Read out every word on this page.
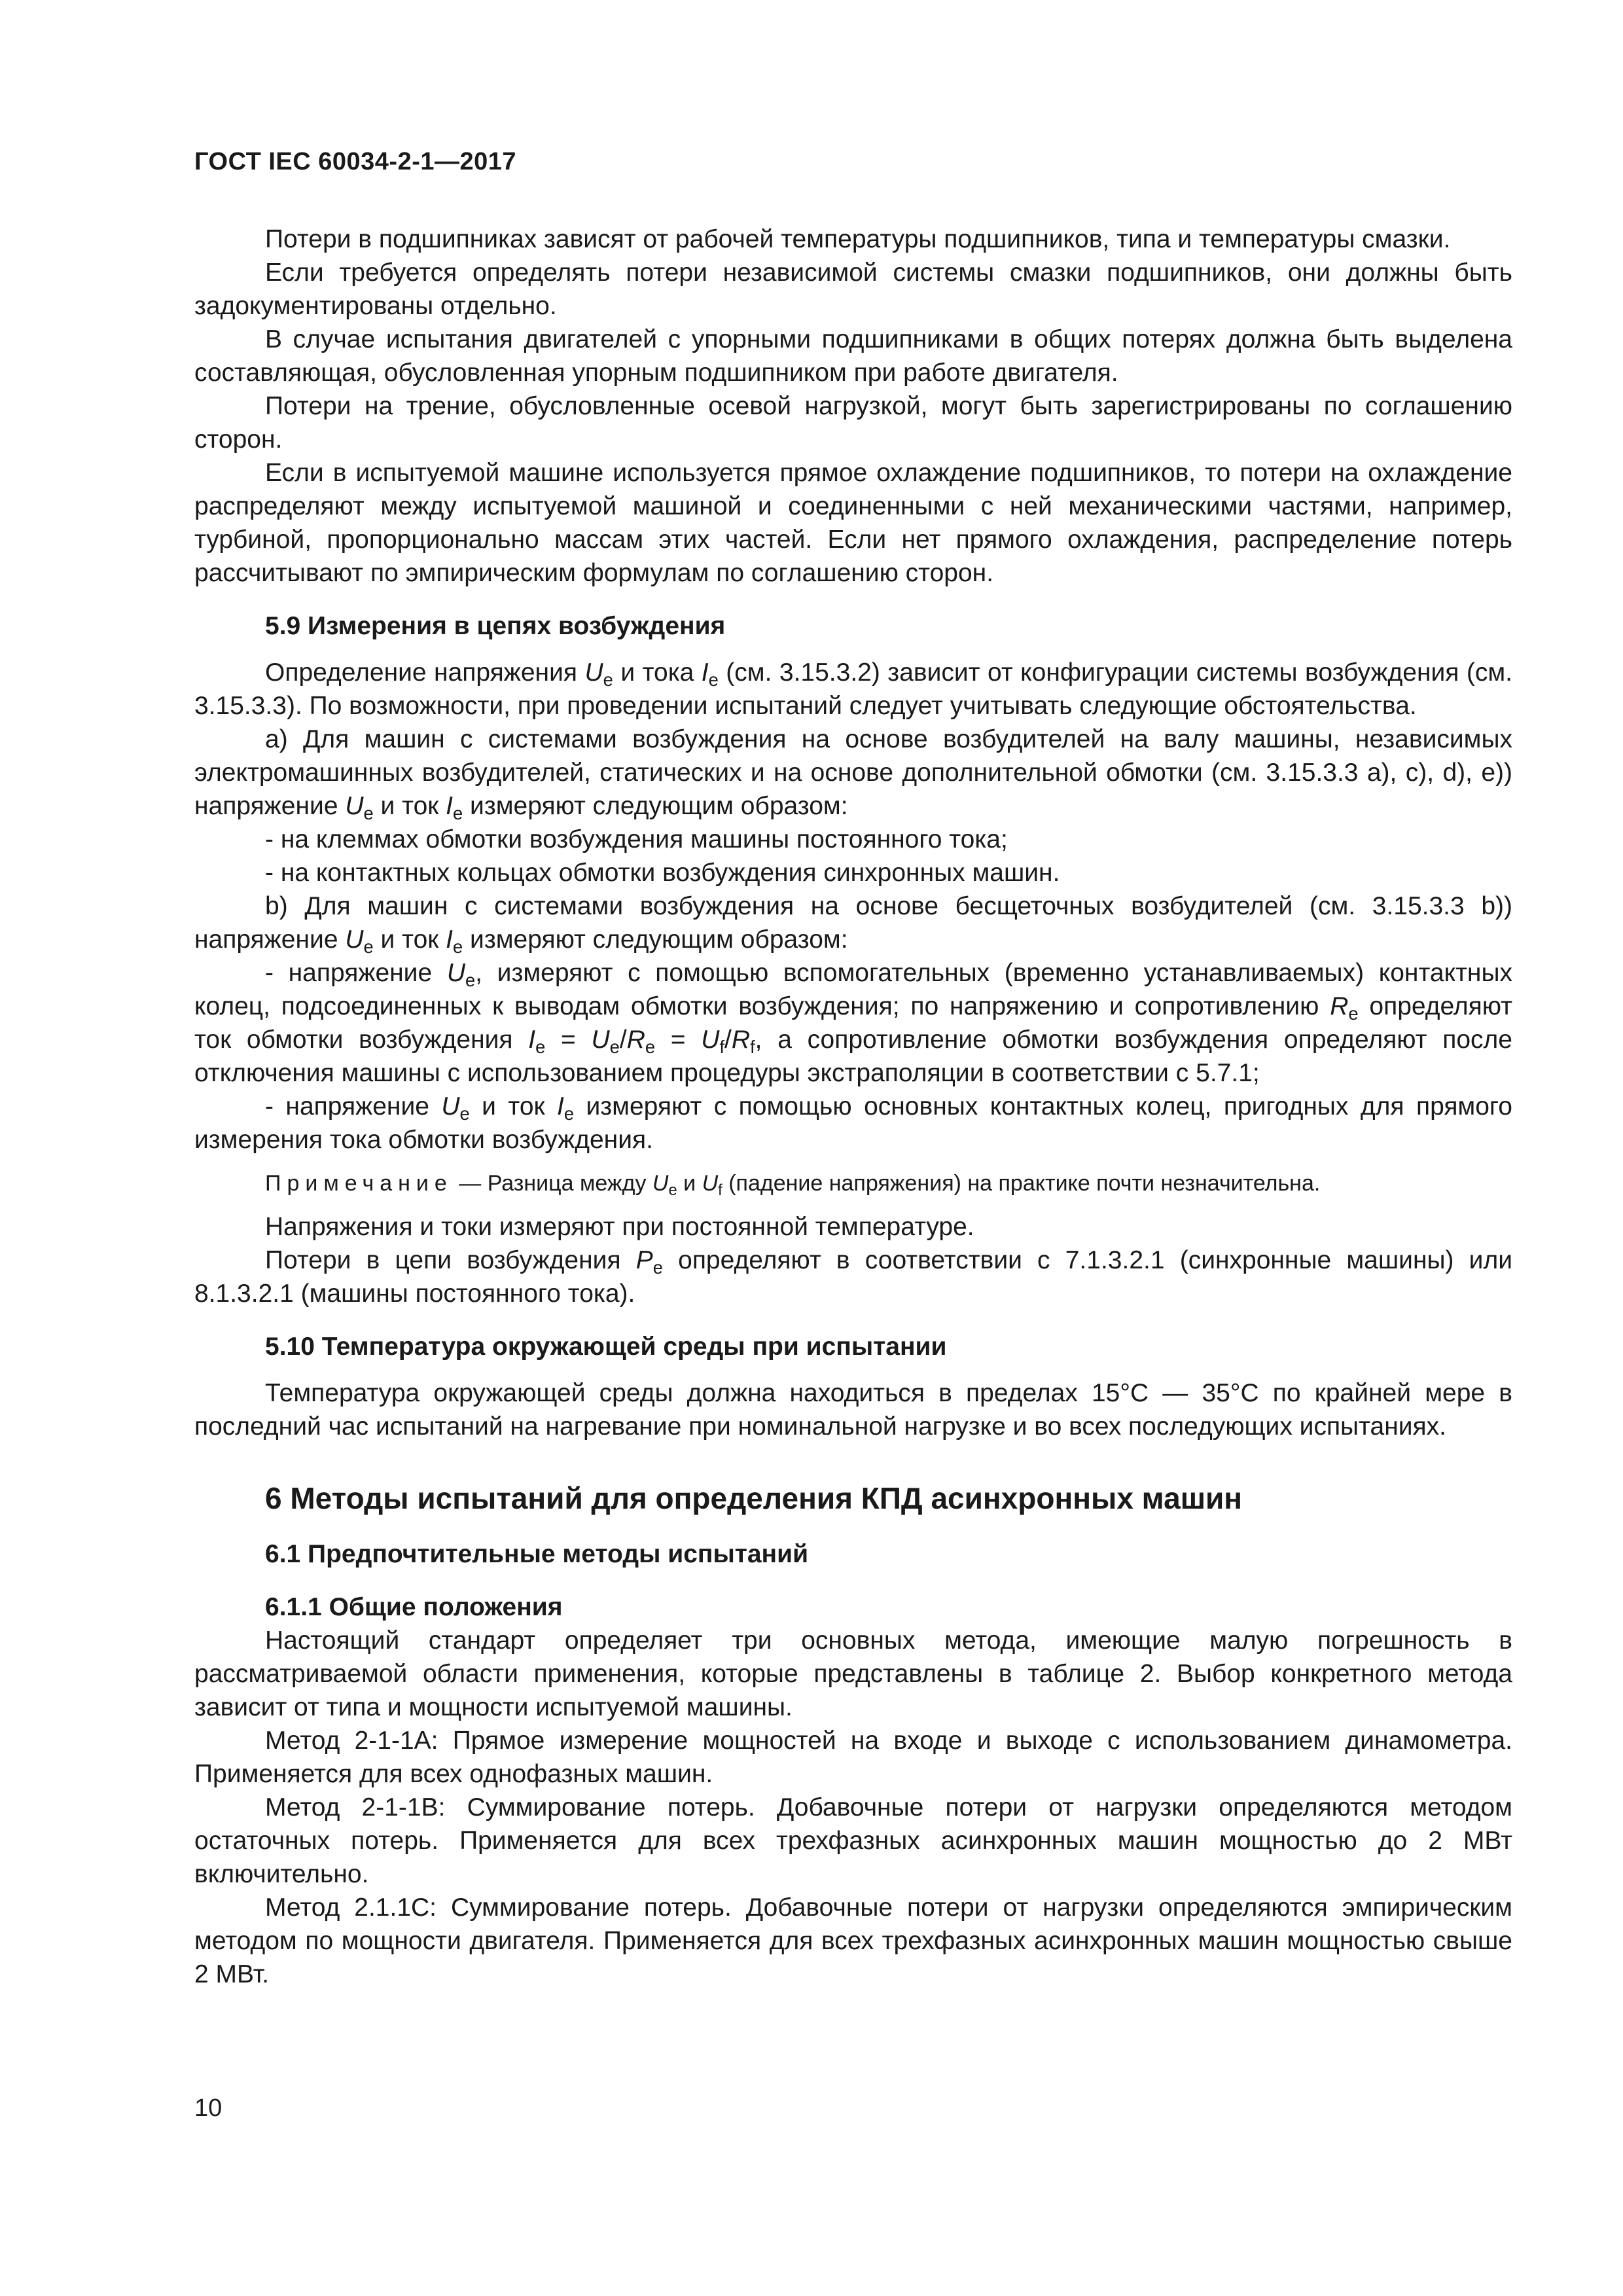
ГОСТ IEC 60034-2-1—2017

Потери в подшипниках зависят от рабочей температуры подшипников, типа и температуры смазки.

Если требуется определять потери независимой системы смазки подшипников, они должны быть задокументированы отдельно.

В случае испытания двигателей с упорными подшипниками в общих потерях должна быть выделена составляющая, обусловленная упорным подшипником при работе двигателя.

Потери на трение, обусловленные осевой нагрузкой, могут быть зарегистрированы по соглашению сторон.

Если в испытуемой машине используется прямое охлаждение подшипников, то потери на охлаждение распределяют между испытуемой машиной и соединенными с ней механическими частями, например, турбиной, пропорционально массам этих частей. Если нет прямого охлаждения, распределение потерь рассчитывают по эмпирическим формулам по соглашению сторон.

5.9 Измерения в цепях возбуждения

Определение напряжения $U_e$ и тока $I_e$ (см. 3.15.3.2) зависит от конфигурации системы возбуждения (см. 3.15.3.3). По возможности, при проведении испытаний следует учитывать следующие обстоятельства.

a) Для машин с системами возбуждения на основе возбудителей на валу машины, независимых электромашинных возбудителей, статических и на основе дополнительной обмотки (см. 3.15.3.3 a), c), d), e)) напряжение $U_e$ и ток $I_e$ измеряют следующим образом:

- на клеммах обмотки возбуждения машины постоянного тока;

- на контактных кольцах обмотки возбуждения синхронных машин.

b) Для машин с системами возбуждения на основе бесщеточных возбудителей (см. 3.15.3.3 b)) напряжение $U_e$ и ток $I_e$ измеряют следующим образом:

- напряжение $U_e$, измеряют с помощью вспомогательных (временно устанавливаемых) контактных колец, подсоединенных к выводам обмотки возбуждения; по напряжению и сопротивлению $R_e$ определяют ток обмотки возбуждения $I_e = U_e/R_e = U_f/R_f$, а сопротивление обмотки возбуждения определяют после отключения машины с использованием процедуры экстраполяции в соответствии с 5.7.1;

- напряжение $U_e$ и ток $I_e$ измеряют с помощью основных контактных колец, пригодных для прямого измерения тока обмотки возбуждения.

Примечание — Разница между $U_e$ и $U_f$ (падение напряжения) на практике почти незначительна.

Напряжения и токи измеряют при постоянной температуре.

Потери в цепи возбуждения $P_e$ определяют в соответствии с 7.1.3.2.1 (синхронные машины) или 8.1.3.2.1 (машины постоянного тока).

5.10 Температура окружающей среды при испытании

Температура окружающей среды должна находиться в пределах 15°C — 35°C по крайней мере в последний час испытаний на нагревание при номинальной нагрузке и во всех последующих испытаниях.

6 Методы испытаний для определения КПД асинхронных машин
6.1 Предпочтительные методы испытаний
6.1.1 Общие положения

Настоящий стандарт определяет три основных метода, имеющие малую погрешность в рассматриваемой области применения, которые представлены в таблице 2. Выбор конкретного метода зависит от типа и мощности испытуемой машины.

Метод 2-1-1A: Прямое измерение мощностей на входе и выходе с использованием динамометра. Применяется для всех однофазных машин.

Метод 2-1-1B: Суммирование потерь. Добавочные потери от нагрузки определяются методом остаточных потерь. Применяется для всех трехфазных асинхронных машин мощностью до 2 МВт включительно.

Метод 2.1.1C: Суммирование потерь. Добавочные потери от нагрузки определяются эмпирическим методом по мощности двигателя. Применяется для всех трехфазных асинхронных машин мощностью свыше 2 МВт.

10
